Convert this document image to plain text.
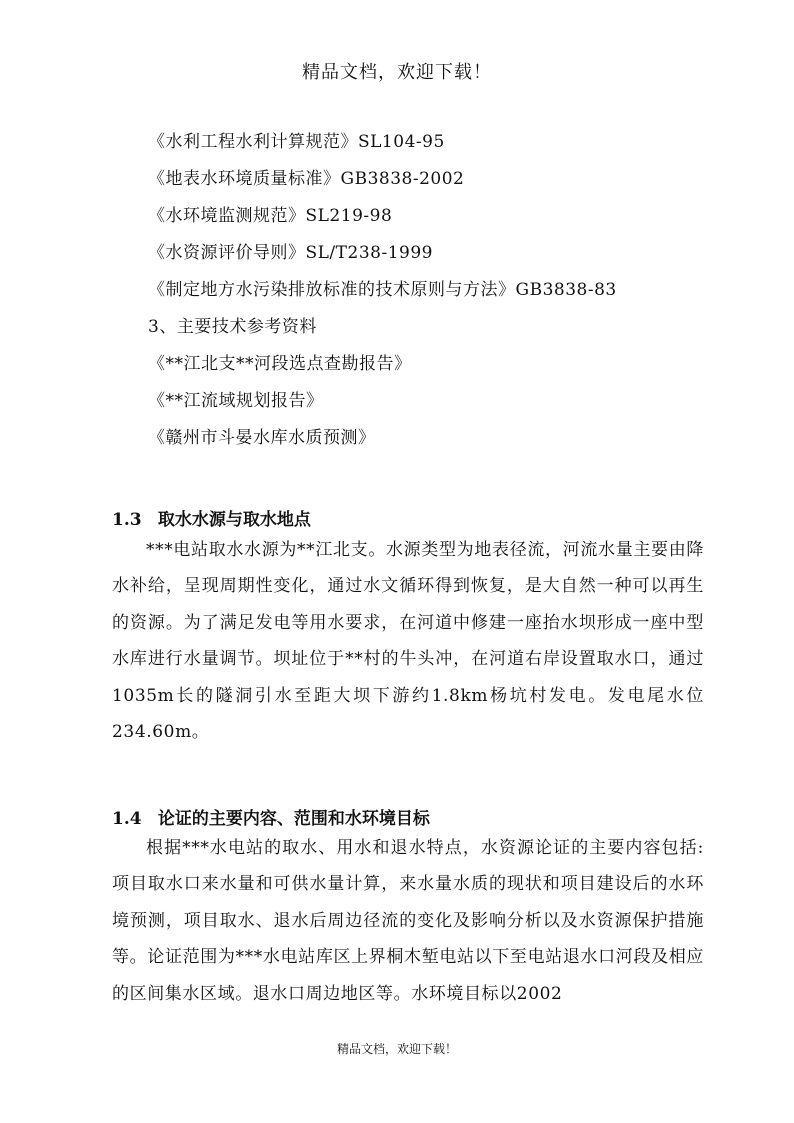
精品文档，欢迎下载！
《水利工程水利计算规范》SL104-95
《地表水环境质量标准》GB3838-2002
《水环境监测规范》SL219-98
《水资源评价导则》SL/T238-1999
《制定地方水污染排放标准的技术原则与方法》GB3838-83
3、主要技术参考资料
《**江北支**河段选点查勘报告》
《**江流域规划报告》
《赣州市斗晏水库水质预测》
1.3 取水水源与取水地点
***电站取水水源为**江北支。水源类型为地表径流，河流水量主要由降水补给，呈现周期性变化，通过水文循环得到恢复，是大自然一种可以再生的资源。为了满足发电等用水要求，在河道中修建一座抬水坝形成一座中型水库进行水量调节。坝址位于**村的牛头冲，在河道右岸设置取水口，通过1035m长的隧洞引水至距大坝下游约1.8km杨坑村发电。发电尾水位234.60m。
1.4 论证的主要内容、范围和水环境目标
根据***水电站的取水、用水和退水特点，水资源论证的主要内容包括:项目取水口来水量和可供水量计算，来水量水质的现状和项目建设后的水环境预测，项目取水、退水后周边径流的变化及影响分析以及水资源保护措施等。论证范围为***水电站库区上界桐木堑电站以下至电站退水口河段及相应的区间集水区域。退水口周边地区等。水环境目标以2002
精品文档，欢迎下载！
